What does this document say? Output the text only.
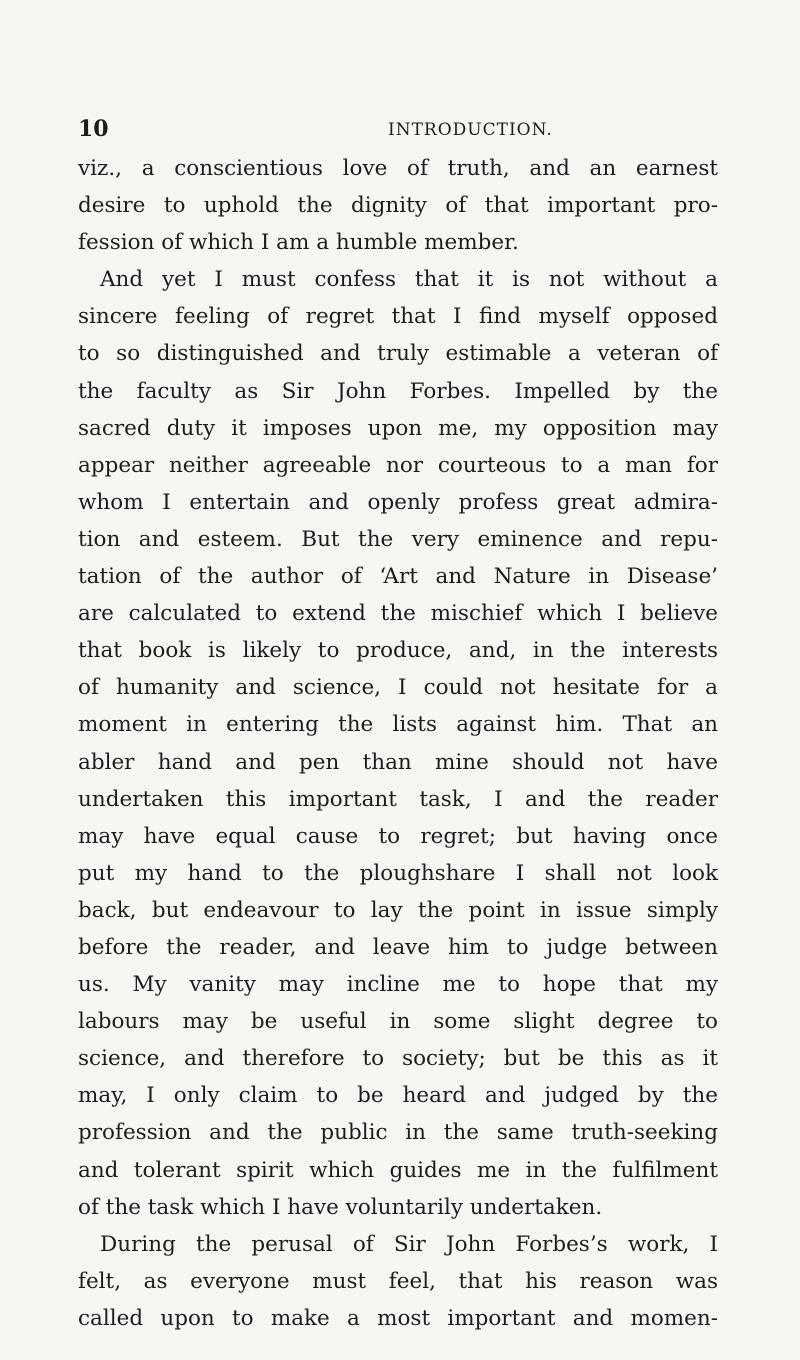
10	INTRODUCTION.
viz., a conscientious love of truth, and an earnest
desire to uphold the dignity of that important pro-
fession of which I am a humble member.
And yet I must confess that it is not without a
sincere feeling of regret that I find myself opposed
to so distinguished and truly estimable a veteran of
the faculty as Sir John Forbes. Impelled by the
sacred duty it imposes upon me, my opposition may
appear neither agreeable nor courteous to a man for
whom I entertain and openly profess great admira-
tion and esteem. But the very eminence and repu-
tation of the author of ‘Art and Nature in Disease’
are calculated to extend the mischief which I believe
that book is likely to produce, and, in the interests
of humanity and science, I could not hesitate for a
moment in entering the lists against him. That an
abler hand and pen than mine should not have
undertaken this important task, I and the reader
may have equal cause to regret; but having once
put my hand to the ploughshare I shall not look
back, but endeavour to lay the point in issue simply
before the reader, and leave him to judge between
us. My vanity may incline me to hope that my
labours may be useful in some slight degree to
science, and therefore to society; but be this as it
may, I only claim to be heard and judged by the
profession and the public in the same truth-seeking
and tolerant spirit which guides me in the fulfilment
of the task which I have voluntarily undertaken.
During the perusal of Sir John Forbes’s work, I
felt, as everyone must feel, that his reason was
called upon to make a most important and momen-
